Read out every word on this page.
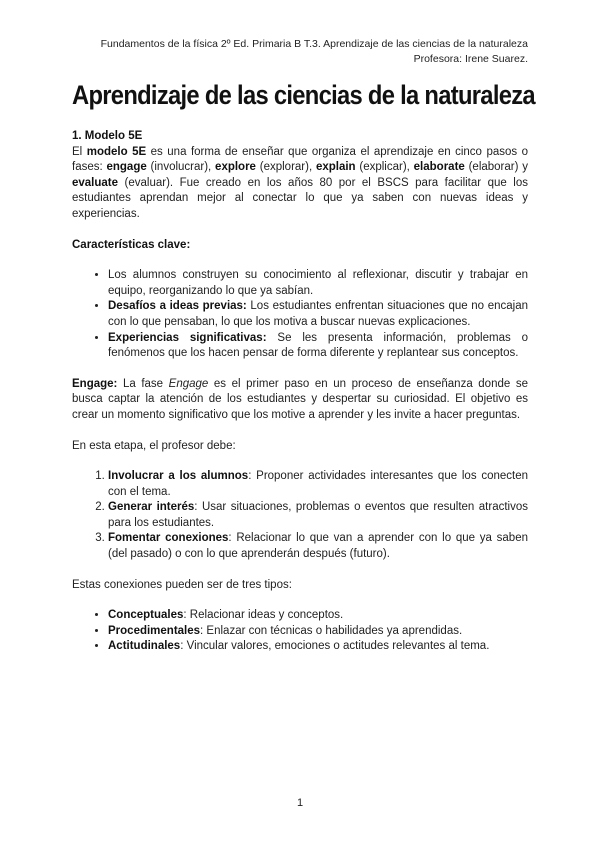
Fundamentos de la física 2º Ed. Primaria B T.3. Aprendizaje de las ciencias de la naturaleza
Profesora: Irene Suarez.
Aprendizaje de las ciencias de la naturaleza

1. Modelo 5E

El modelo 5E es una forma de enseñar que organiza el aprendizaje en cinco pasos o fases: engage (involucrar), explore (explorar), explain (explicar), elaborate (elaborar) y evaluate (evaluar). Fue creado en los años 80 por el BSCS para facilitar que los estudiantes aprendan mejor al conectar lo que ya saben con nuevas ideas y experiencias.

Características clave:

• Los alumnos construyen su conocimiento al reflexionar, discutir y trabajar en equipo, reorganizando lo que ya sabían.
• Desafíos a ideas previas: Los estudiantes enfrentan situaciones que no encajan con lo que pensaban, lo que los motiva a buscar nuevas explicaciones.
• Experiencias significativas: Se les presenta información, problemas o fenómenos que los hacen pensar de forma diferente y replantear sus conceptos.

Engage: La fase Engage es el primer paso en un proceso de enseñanza donde se busca captar la atención de los estudiantes y despertar su curiosidad. El objetivo es crear un momento significativo que los motive a aprender y les invite a hacer preguntas.

En esta etapa, el profesor debe:

1. Involucrar a los alumnos: Proponer actividades interesantes que los conecten con el tema.
2. Generar interés: Usar situaciones, problemas o eventos que resulten atractivos para los estudiantes.
3. Fomentar conexiones: Relacionar lo que van a aprender con lo que ya saben (del pasado) o con lo que aprenderán después (futuro).

Estas conexiones pueden ser de tres tipos:

• Conceptuales: Relacionar ideas y conceptos.
• Procedimentales: Enlazar con técnicas o habilidades ya aprendidas.
• Actitudinales: Vincular valores, emociones o actitudes relevantes al tema.
1
